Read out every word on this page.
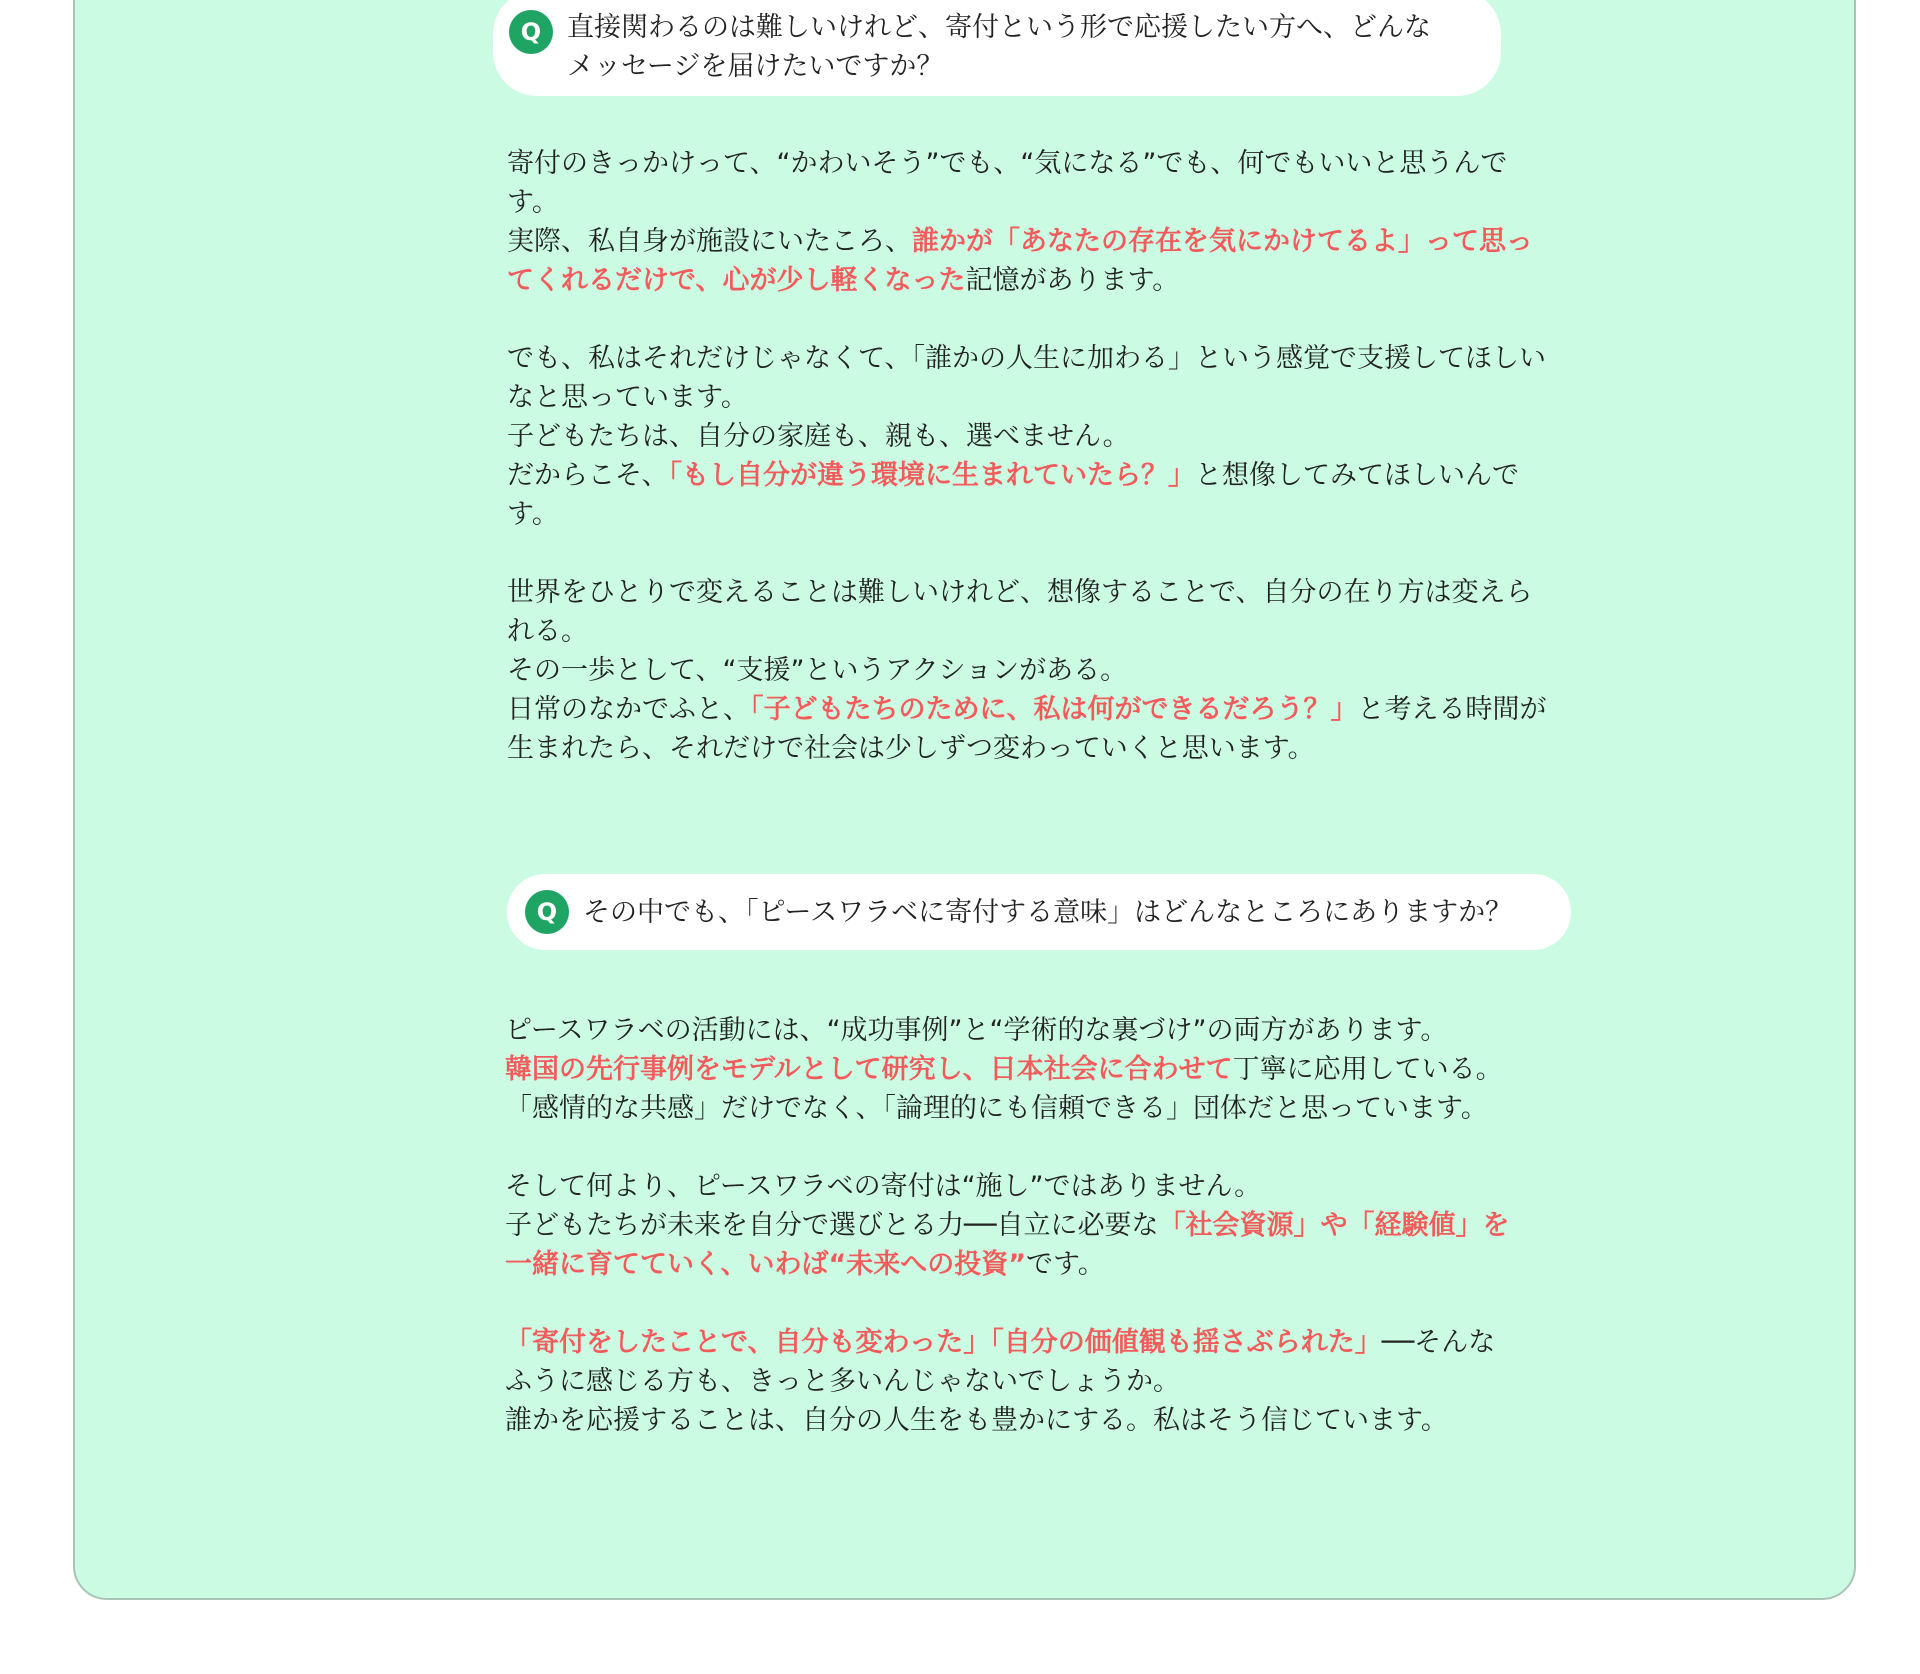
Q 直接関わるのは難しいけれど、寄付という形で応援したい方へ、どんな
メッセージを届けたいですか？

寄付のきっかけって、“かわいそう”でも、“気になる”でも、何でもいいと思うんで
す。
実際、私自身が施設にいたころ、誰かが「あなたの存在を気にかけてるよ」って思っ
てくれるだけで、心が少し軽くなった記憶があります。

でも、私はそれだけじゃなくて、「誰かの人生に加わる」という感覚で支援してほしい
なと思っています。
子どもたちは、自分の家庭も、親も、選べません。
だからこそ、「もし自分が違う環境に生まれていたら？」と想像してみてほしいんで
す。

世界をひとりで変えることは難しいけれど、想像することで、自分の在り方は変えら
れる。
その一歩として、“支援”というアクションがある。
日常のなかでふと、「子どもたちのために、私は何ができるだろう？」と考える時間が
生まれたら、それだけで社会は少しずつ変わっていくと思います。

Q その中でも、「ピースワラベに寄付する意味」はどんなところにありますか？

ピースワラベの活動には、“成功事例”と“学術的な裏づけ”の両方があります。
韓国の先行事例をモデルとして研究し、日本社会に合わせて丁寧に応用している。
「感情的な共感」だけでなく、「論理的にも信頼できる」団体だと思っています。

そして何より、ピースワラベの寄付は“施し”ではありません。
子どもたちが未来を自分で選びとる力──自立に必要な「社会資源」や「経験値」を
一緒に育てていく、いわば“未来への投資”です。

「寄付をしたことで、自分も変わった」「自分の価値観も揺さぶられた」──そんな
ふうに感じる方も、きっと多いんじゃないでしょうか。
誰かを応援することは、自分の人生をも豊かにする。私はそう信じています。
